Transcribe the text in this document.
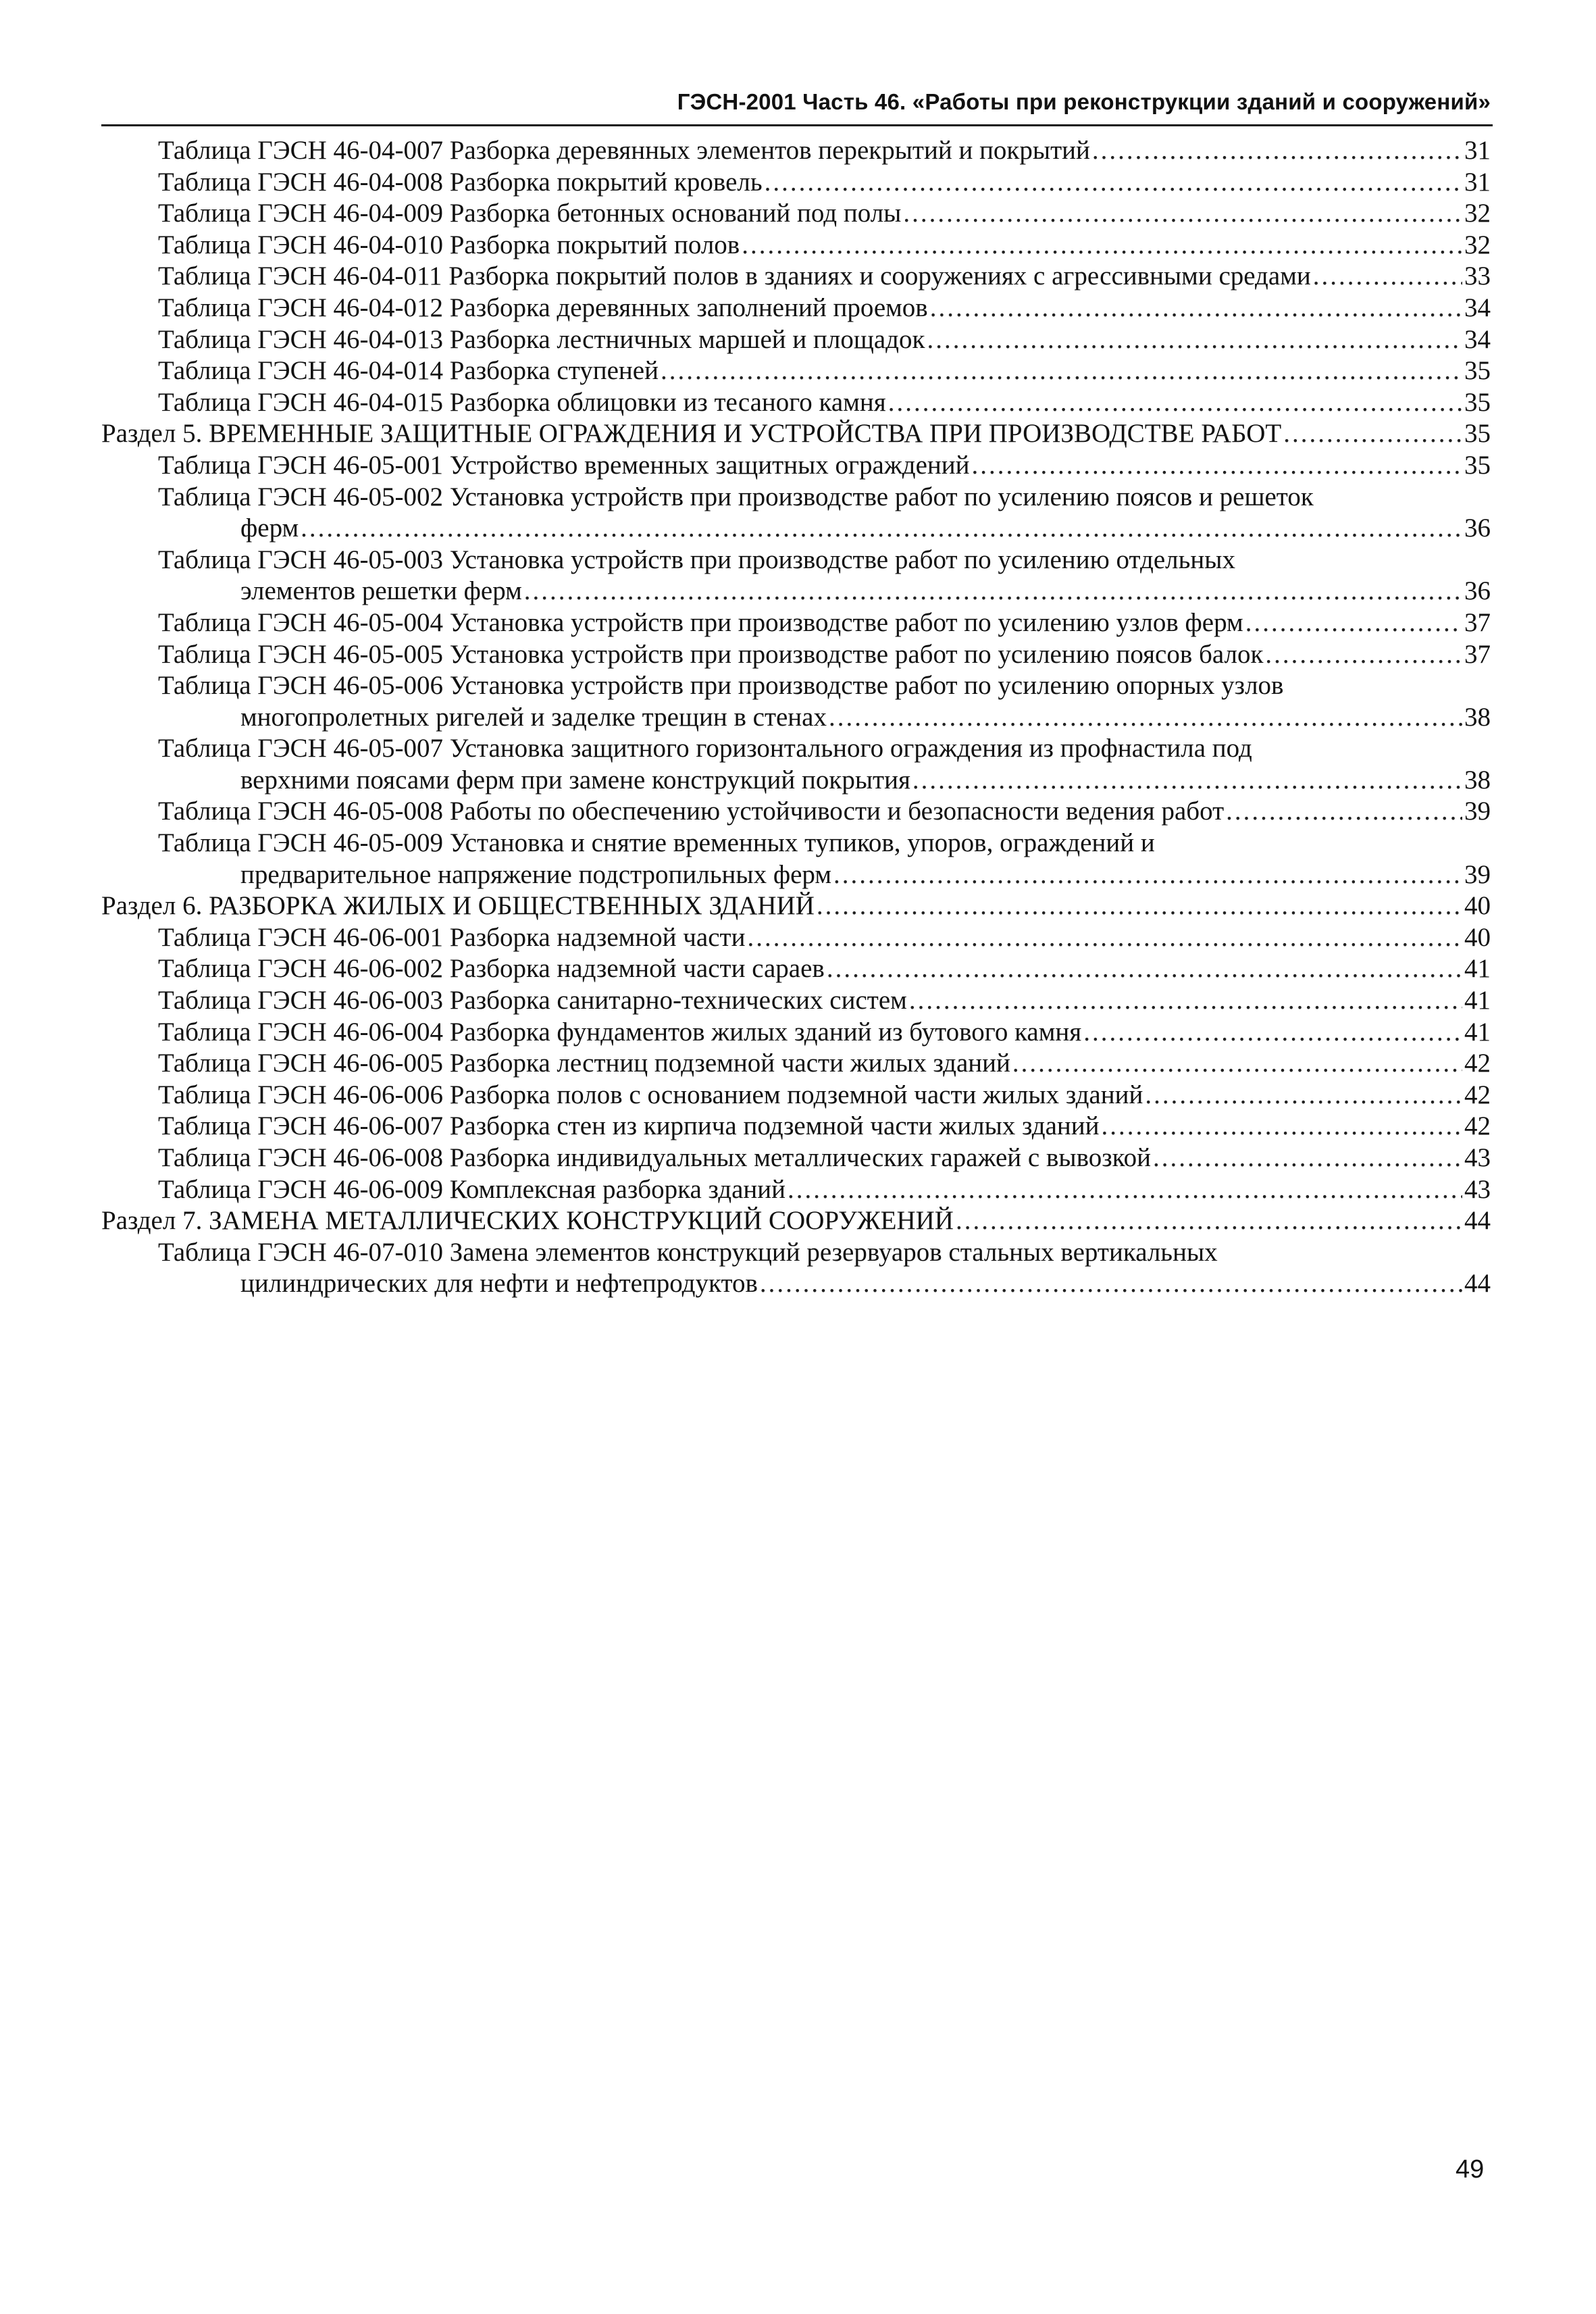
ГЭСН-2001 Часть 46. «Работы при реконструкции зданий и сооружений»
Таблица ГЭСН 46-04-007 Разборка деревянных элементов перекрытий и покрытий .....	31
Таблица ГЭСН 46-04-008 Разборка покрытий кровель .....	31
Таблица ГЭСН 46-04-009 Разборка бетонных оснований под полы .....	32
Таблица ГЭСН 46-04-010 Разборка покрытий полов .....	32
Таблица ГЭСН 46-04-011 Разборка покрытий полов в зданиях и сооружениях с агрессивными средами .....	33
Таблица ГЭСН 46-04-012 Разборка деревянных заполнений проемов .....	34
Таблица ГЭСН 46-04-013 Разборка лестничных маршей и площадок .....	34
Таблица ГЭСН 46-04-014 Разборка ступеней .....	35
Таблица ГЭСН 46-04-015 Разборка облицовки из тесаного камня .....	35
Раздел 5. ВРЕМЕННЫЕ ЗАЩИТНЫЕ ОГРАЖДЕНИЯ И УСТРОЙСТВА ПРИ ПРОИЗВОДСТВЕ РАБОТ .....	35
Таблица ГЭСН 46-05-001 Устройство временных защитных ограждений .....	35
Таблица ГЭСН 46-05-002 Установка устройств при производстве работ по усилению поясов и решеток
ферм .....	36
Таблица ГЭСН 46-05-003 Установка устройств при производстве работ по усилению отдельных
элементов решетки ферм .....	36
Таблица ГЭСН 46-05-004 Установка устройств при производстве работ по усилению узлов ферм .....	37
Таблица ГЭСН 46-05-005 Установка устройств при производстве работ по усилению поясов балок .....	37
Таблица ГЭСН 46-05-006 Установка устройств при производстве работ по усилению опорных узлов
многопролетных ригелей и заделке трещин в стенах .....	38
Таблица ГЭСН 46-05-007 Установка защитного горизонтального ограждения из профнастила под
верхними поясами ферм при замене конструкций покрытия .....	38
Таблица ГЭСН 46-05-008 Работы по обеспечению устойчивости и безопасности ведения работ .....	39
Таблица ГЭСН 46-05-009 Установка и снятие временных тупиков, упоров, ограждений и
предварительное напряжение подстропильных ферм .....	39
Раздел 6. РАЗБОРКА ЖИЛЫХ И ОБЩЕСТВЕННЫХ ЗДАНИЙ .....	40
Таблица ГЭСН 46-06-001 Разборка надземной части .....	40
Таблица ГЭСН 46-06-002 Разборка надземной части сараев .....	41
Таблица ГЭСН 46-06-003 Разборка санитарно-технических систем .....	41
Таблица ГЭСН 46-06-004 Разборка фундаментов жилых зданий из бутового камня .....	41
Таблица ГЭСН 46-06-005 Разборка лестниц подземной части жилых зданий .....	42
Таблица ГЭСН 46-06-006 Разборка полов с основанием подземной части жилых зданий .....	42
Таблица ГЭСН 46-06-007 Разборка стен из кирпича подземной части жилых зданий .....	42
Таблица ГЭСН 46-06-008 Разборка индивидуальных металлических гаражей с вывозкой .....	43
Таблица ГЭСН 46-06-009 Комплексная разборка зданий .....	43
Раздел 7. ЗАМЕНА МЕТАЛЛИЧЕСКИХ КОНСТРУКЦИЙ СООРУЖЕНИЙ .....	44
Таблица ГЭСН 46-07-010 Замена элементов конструкций резервуаров стальных вертикальных
цилиндрических для нефти и нефтепродуктов .....	44
49
